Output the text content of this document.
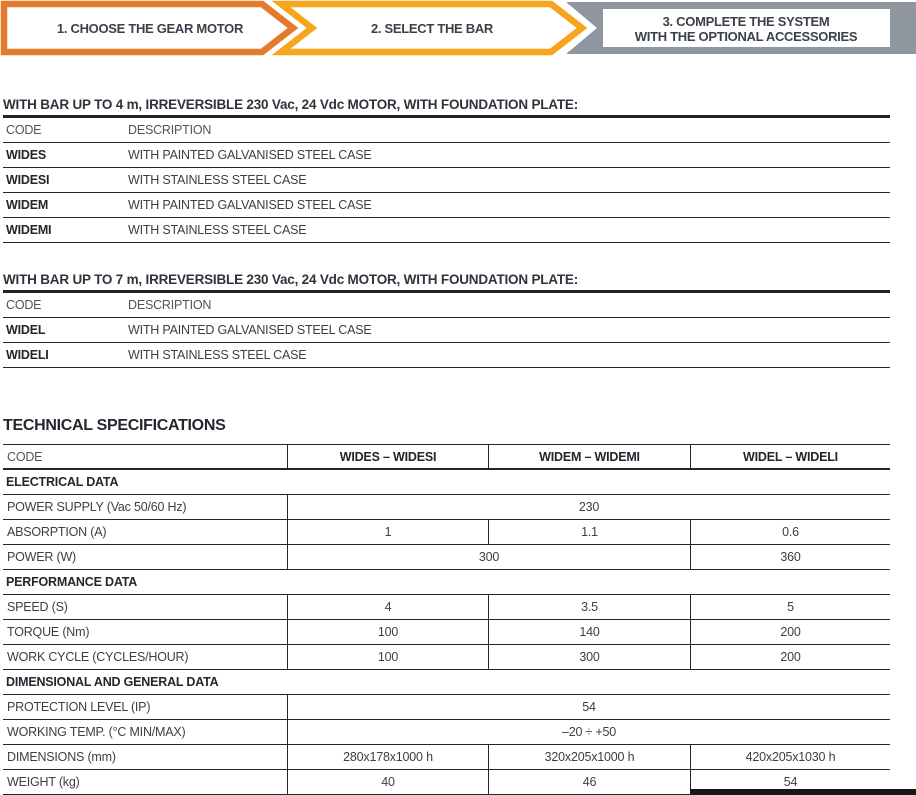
1. CHOOSE THE GEAR MOTOR	2. SELECT THE BAR	3. COMPLETE THE SYSTEM
WITH THE OPTIONAL ACCESSORIES
WITH BAR UP TO 4 m, IRREVERSIBLE 230 Vac, 24 Vdc MOTOR, WITH FOUNDATION PLATE:
CODE	DESCRIPTION
WIDES	WITH PAINTED GALVANISED STEEL CASE
WIDESI	WITH STAINLESS STEEL CASE
WIDEM	WITH PAINTED GALVANISED STEEL CASE
WIDEMI	WITH STAINLESS STEEL CASE
WITH BAR UP TO 7 m, IRREVERSIBLE 230 Vac, 24 Vdc MOTOR, WITH FOUNDATION PLATE:
CODE	DESCRIPTION
WIDEL	WITH PAINTED GALVANISED STEEL CASE
WIDELI	WITH STAINLESS STEEL CASE
TECHNICAL SPECIFICATIONS
CODE	WIDES – WIDESI	WIDEM – WIDEMI	WIDEL – WIDELI
ELECTRICAL DATA
POWER SUPPLY (Vac 50/60 Hz)	230
ABSORPTION (A)	1	1.1	0.6
POWER (W)	300	360
PERFORMANCE DATA
SPEED (S)	4	3.5	5
TORQUE (Nm)	100	140	200
WORK CYCLE (CYCLES/HOUR)	100	300	200
DIMENSIONAL AND GENERAL DATA
PROTECTION LEVEL (IP)	54
WORKING TEMP. (°C MIN/MAX)	–20 ÷ +50
DIMENSIONS (mm)	280x178x1000 h	320x205x1000 h	420x205x1030 h
WEIGHT (kg)	40	46	54
